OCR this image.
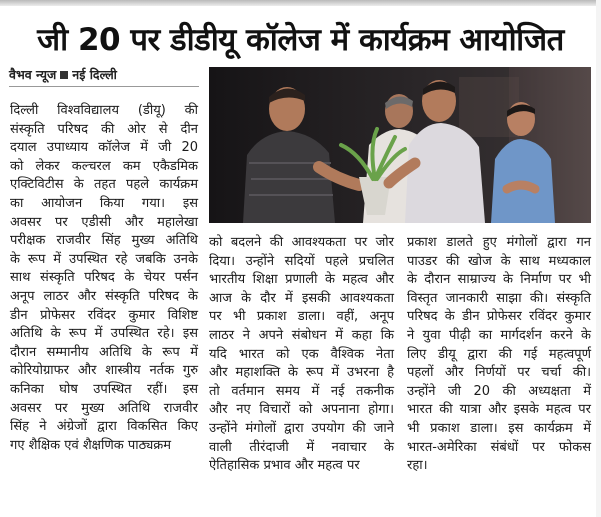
जी 20 पर डीडीयू कॉलेज में कार्यक्रम आयोजित
वैभव न्यूज नई दिल्ली
दिल्ली विश्वविद्यालय (डीयू) की
संस्कृति परिषद की ओर से दीन
दयाल उपाध्याय कॉलेज में जी 20
को लेकर कल्चरल कम एकैडमिक
एक्टिविटीस के तहत पहले कार्यक्रम
का आयोजन किया गया। इस
अवसर पर एडीसी और महालेखा
परीक्षक राजवीर सिंह मुख्य अतिथि
के रूप में उपस्थित रहे जबकि उनके
साथ संस्कृति परिषद के चेयर पर्सन
अनूप लाठर और संस्कृति परिषद के
डीन प्रोफेसर रविंदर कुमार विशिष्ट
अतिथि के रूप में उपस्थित रहे। इस
दौरान सम्मानीय अतिथि के रूप में
कोरियोग्राफर और शास्त्रीय नर्तक गुरु
कनिका घोष उपस्थित रहीं। इस
अवसर पर मुख्य अतिथि राजवीर
सिंह ने अंग्रेजों द्वारा विकसित किए
गए शैक्षिक एवं शैक्षणिक पाठ्यक्रम
को बदलने की आवश्यकता पर जोर
दिया। उन्होंने सदियों पहले प्रचलित
भारतीय शिक्षा प्रणाली के महत्व और
आज के दौर में इसकी आवश्यकता
पर भी प्रकाश डाला। वहीं, अनूप
लाठर ने अपने संबोधन में कहा कि
यदि भारत को एक वैश्विक नेता
और महाशक्ति के रूप में उभरना है
तो वर्तमान समय में नई तकनीक
और नए विचारों को अपनाना होगा।
उन्होंने मंगोलों द्वारा उपयोग की जाने
वाली तीरंदाजी में नवाचार के
ऐतिहासिक प्रभाव और महत्व पर
प्रकाश डालते हुए मंगोलों द्वारा गन
पाउडर की खोज के साथ मध्यकाल
के दौरान साम्राज्य के निर्माण पर भी
विस्तृत जानकारी साझा की। संस्कृति
परिषद के डीन प्रोफेसर रविंदर कुमार
ने युवा पीढ़ी का मार्गदर्शन करने के
लिए डीयू द्वारा की गई महत्वपूर्ण
पहलों और निर्णयों पर चर्चा की।
उन्होंने जी 20 की अध्यक्षता में
भारत की यात्रा और इसके महत्व पर
भी प्रकाश डाला। इस कार्यक्रम में
भारत-अमेरिका संबंधों पर फोकस
रहा।
